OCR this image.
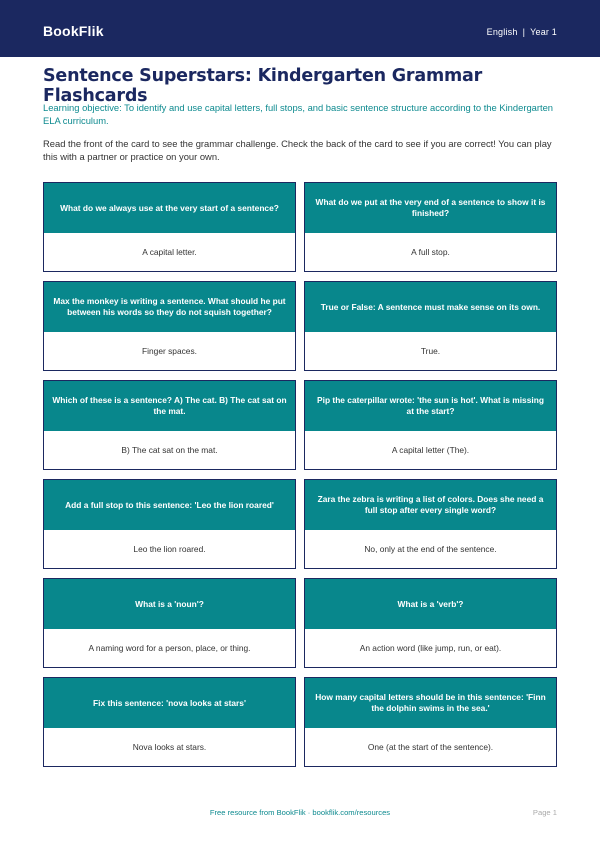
BookFlik	English | Year 1
Sentence Superstars: Kindergarten Grammar Flashcards

Learning objective: To identify and use capital letters, full stops, and basic sentence structure according to the Kindergarten ELA curriculum.

Read the front of the card to see the grammar challenge. Check the back of the card to see if you are correct! You can play this with a partner or practice on your own.

What do we always use at the very start of a sentence?
A capital letter.
What do we put at the very end of a sentence to show it is finished?
A full stop.
Max the monkey is writing a sentence. What should he put between his words so they do not squish together?
Finger spaces.
True or False: A sentence must make sense on its own.
True.
Which of these is a sentence? A) The cat. B) The cat sat on the mat.
B) The cat sat on the mat.
Pip the caterpillar wrote: 'the sun is hot'. What is missing at the start?
A capital letter (The).
Add a full stop to this sentence: 'Leo the lion roared'
Leo the lion roared.
Zara the zebra is writing a list of colors. Does she need a full stop after every single word?
No, only at the end of the sentence.
What is a 'noun'?
A naming word for a person, place, or thing.
What is a 'verb'?
An action word (like jump, run, or eat).
Fix this sentence: 'nova looks at stars'
Nova looks at stars.
How many capital letters should be in this sentence: 'Finn the dolphin swims in the sea.'
One (at the start of the sentence).
Free resource from BookFlik · bookflik.com/resources	Page 1
